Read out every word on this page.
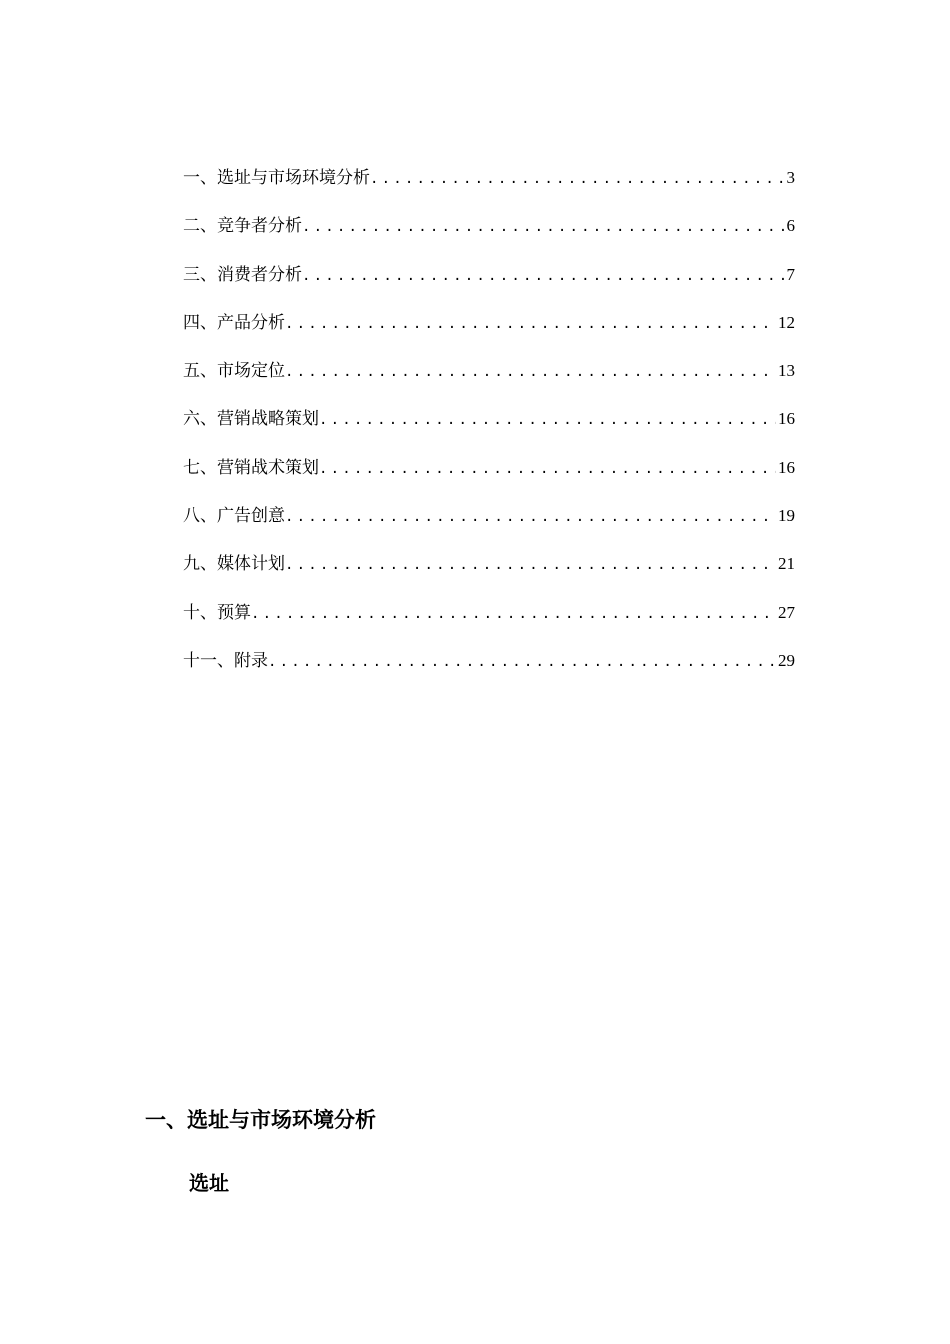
一、选址与市场环境分析 .....	3
二、竞争者分析 .....	6
三、消费者分析 .....	7
四、产品分析 .....	12
五、市场定位 .....	13
六、营销战略策划 .....	16
七、营销战术策划 .....	16
八、广告创意 .....	19
九、媒体计划 .....	21
十、预算 .....	27
十一、附录 .....	29
一、选址与市场环境分析
选址
